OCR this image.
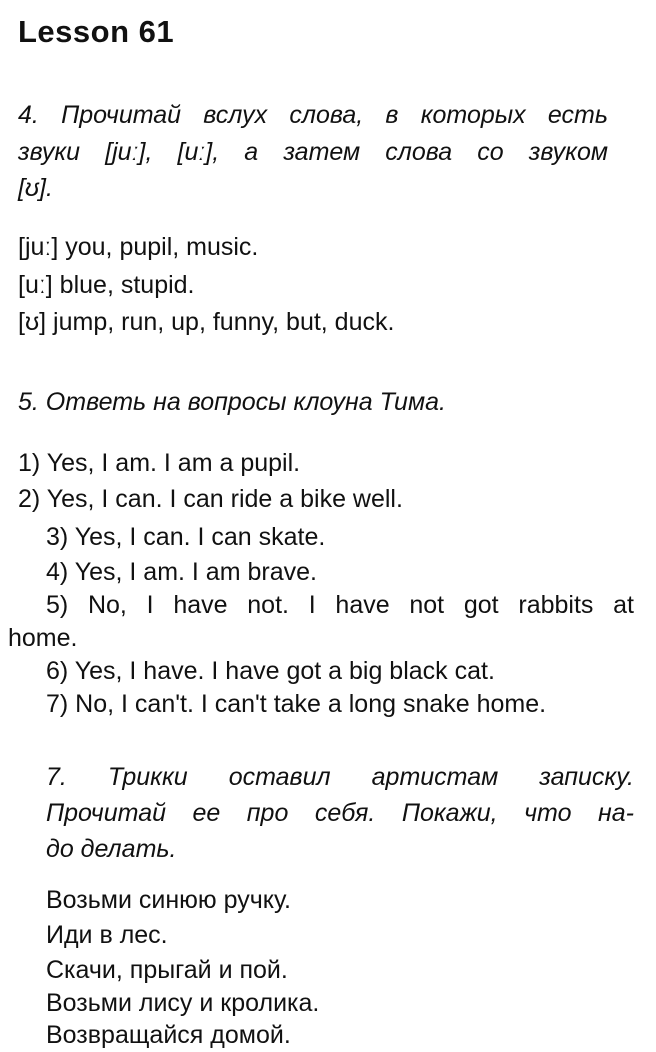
Lesson 61
4. Прочитай вслух слова, в которых есть
звуки [juː], [uː], а затем слова со звуком
[ʊ].
[juː] you, pupil, music.
[uː] blue, stupid.
[ʊ] jump, run, up, funny, but, duck.
5. Ответь на вопросы клоуна Тима.
1) Yes, I am. I am a pupil.
2) Yes, I can. I can ride a bike well.
3) Yes, I can. I can skate.
4) Yes, I am. I am brave.
5) No, I have not. I have not got rabbits at
home.
6) Yes, I have. I have got a big black cat.
7) No, I can't. I can't take a long snake home.
7. Трикки оставил артистам записку.
Прочитай ее про себя. Покажи, что на-
до делать.
Возьми синюю ручку.
Иди в лес.
Скачи, прыгай и пой.
Возьми лису и кролика.
Возвращайся домой.
